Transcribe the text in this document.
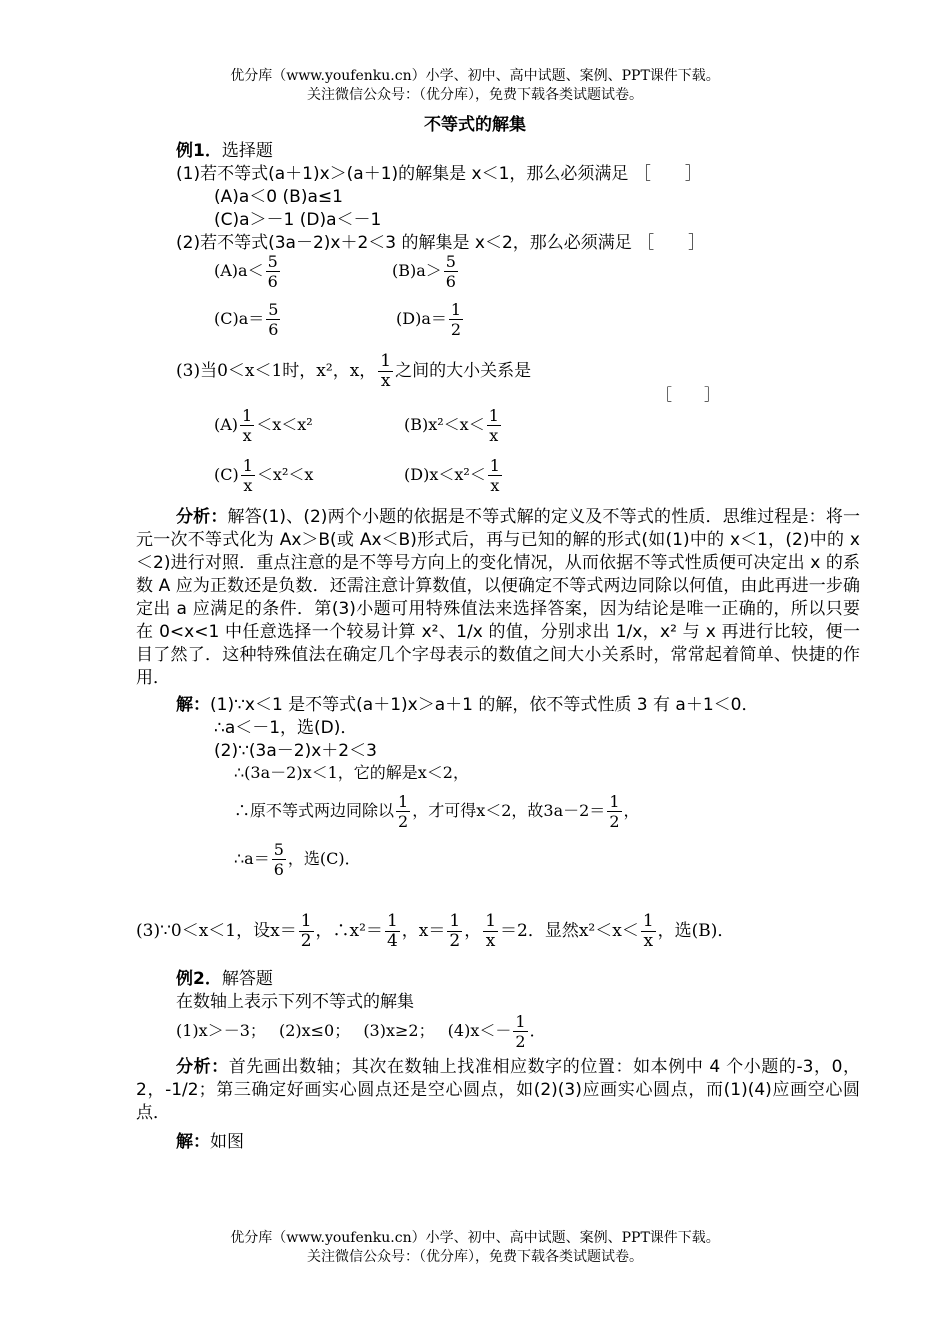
优分库（www.youfenku.cn）小学、初中、高中试题、案例、PPT课件下载。
关注微信公众号：（优分库），免费下载各类试题试卷。
不等式的解集
例1．选择题
(1)若不等式(a＋1)x＞(a＋1)的解集是 x＜1，那么必须满足 ［　　］
(A)a＜0 (B)a≤1
(C)a＞－1 (D)a＜－1
(2)若不等式(3a－2)x＋2＜3 的解集是 x＜2，那么必须满足 ［　　］
$(A)a< \frac{5}{6}$	$(B)a> \frac{5}{6}$
$(C)a= \frac{5}{6}$	$(D)a= \frac{1}{2}$
(3)当0＜x＜1时，x²，x， $\frac{1}{x}$ 之间的大小关系是
［　　］
$(A) \frac{1}{x} <x<x^2$	$(B)x^2<x< \frac{1}{x}$
$(C) \frac{1}{x} <x^2<x$	$(D)x<x^2< \frac{1}{x}$
分析：解答(1)、(2)两个小题的依据是不等式解的定义及不等式的性质．思维过程是：将一元一次不等式化为 Ax＞B(或 Ax＜B)形式后，再与已知的解的形式(如(1)中的 x＜1，(2)中的 x＜2)进行对照．重点注意的是不等号方向上的变化情况，从而依据不等式性质便可决定出 x 的系数 A 应为正数还是负数．还需注意计算数值，以便确定不等式两边同除以何值，由此再进一步确定出 a 应满足的条件．第(3)小题可用特殊值法来选择答案，因为结论是唯一正确的，所以只要在 0<x<1 中任意选择一个较易计算 x²、1/x 的值，分别求出 1/x，x² 与 x 再进行比较，便一目了然了．这种特殊值法在确定几个字母表示的数值之间大小关系时，常常起着简单、快捷的作用．
解：(1)∵x＜1 是不等式(a＋1)x＞a＋1 的解，依不等式性质 3 有 a＋1＜0．
∴a＜－1，选(D)．
(2)∵(3a－2)x＋2＜3
∴(3a－2)x＜1，它的解是x＜2，
∴原不等式两边同除以 $\frac{1}{2}$ ，才可得x＜2，故$3a-2= \frac{1}{2}$ ，
∴a＝ $\frac{5}{6}$ ，选(C)．
(3)∵0＜x＜1，设$x= \frac{1}{2}$ ，∴x²＝ $\frac{1}{4}$ ，$x= \frac{1}{2}$ ， $\frac{1}{x} =2$．显然$x^2<x< \frac{1}{x}$ ，选(B)．
例2．解答题
在数轴上表示下列不等式的解集
(1)x＞－3；　 (2)x≤0；　 (3)x≥2；　 $(4)x<- \frac{1}{2}$ ．
分析：首先画出数轴；其次在数轴上找准相应数字的位置：如本例中 4 个小题的-3，0，2，-1/2；第三确定好画实心圆点还是空心圆点，如(2)(3)应画实心圆点，而(1)(4)应画空心圆点．
解：如图
优分库（www.youfenku.cn）小学、初中、高中试题、案例、PPT课件下载。
关注微信公众号：（优分库），免费下载各类试题试卷。
